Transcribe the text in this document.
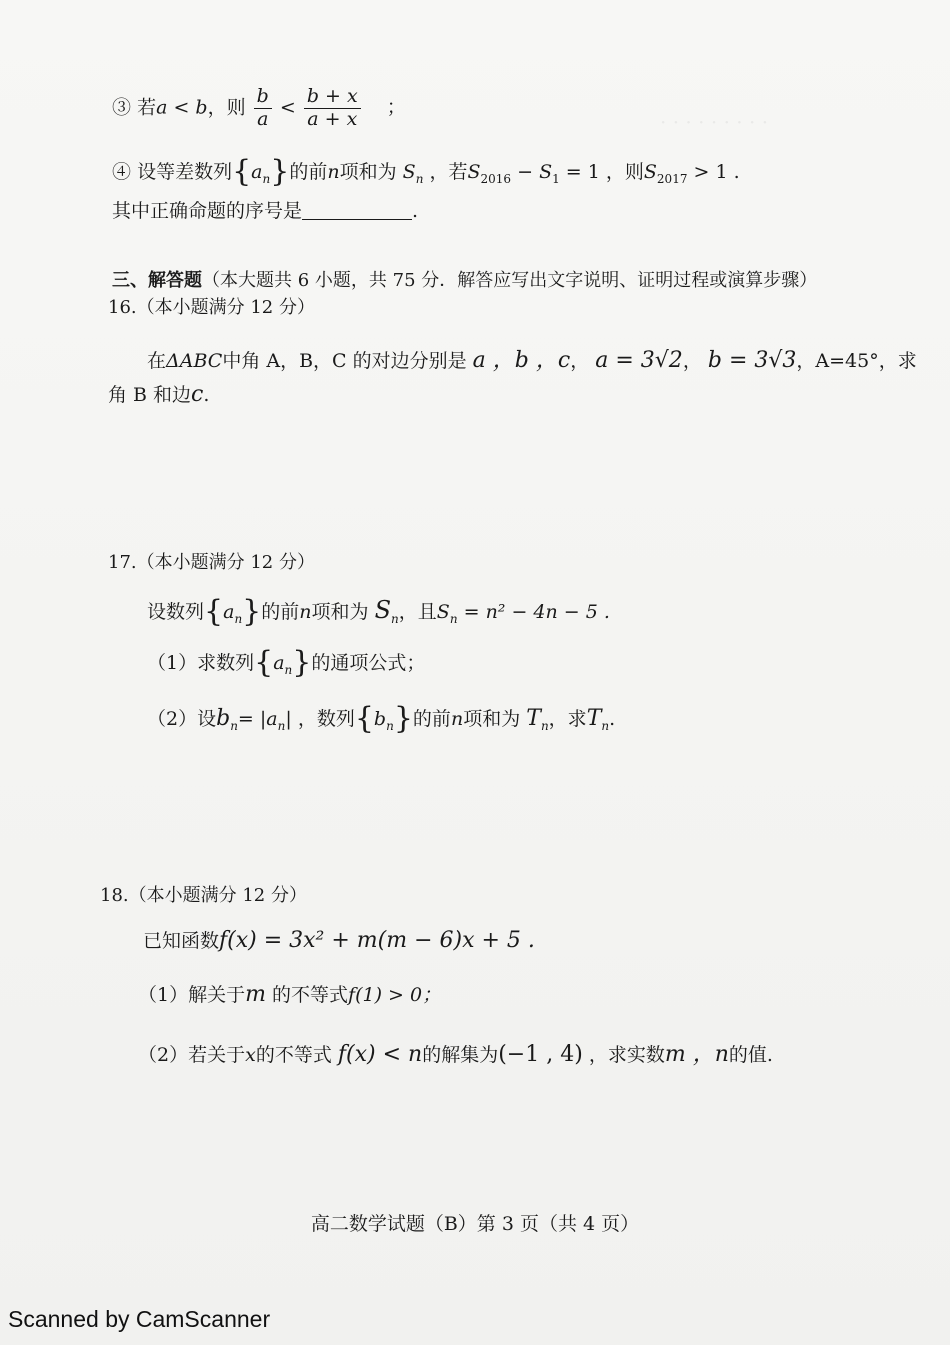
· · · · · · · · ·
③ 若a < b，则 $\frac{b}{a} < \frac{b + x}{a + x}$ ；
④ 设等差数列$\{a_n\}$的前n项和为 $S_n$ ，若$S_{2016} - S_1 = 1$ ，则$S_{2017} > 1$ .
其中正确命题的序号是	.
三、解答题（本大题共 6 小题，共 75 分．解答应写出文字说明、证明过程或演算步骤）
16.（本小题满分 12 分）
在ΔABC中角 A，B，C 的对边分别是 a ，b ，c， a = 3√2， b = 3√3，A=45°，求
角 B 和边c.
17.（本小题满分 12 分）
设数列$\{a_n\}$的前n项和为 $S_n$，且$S_n = n^2 - 4n - 5$ .
（1）求数列$\{a_n\}$的通项公式；
（2）设$b_n= |a_n|$ ，数列$\{b_n\}$的前n项和为 $T_n$，求$T_n$.
18.（本小题满分 12 分）
已知函数f(x) = 3x² + m(m − 6)x + 5 .
（1）解关于m 的不等式f(1) > 0；
（2）若关于x的不等式 f(x) < n的解集为(−1 , 4) ，求实数m ，n的值.
高二数学试题（B）第 3 页（共 4 页）
Scanned by CamScanner
